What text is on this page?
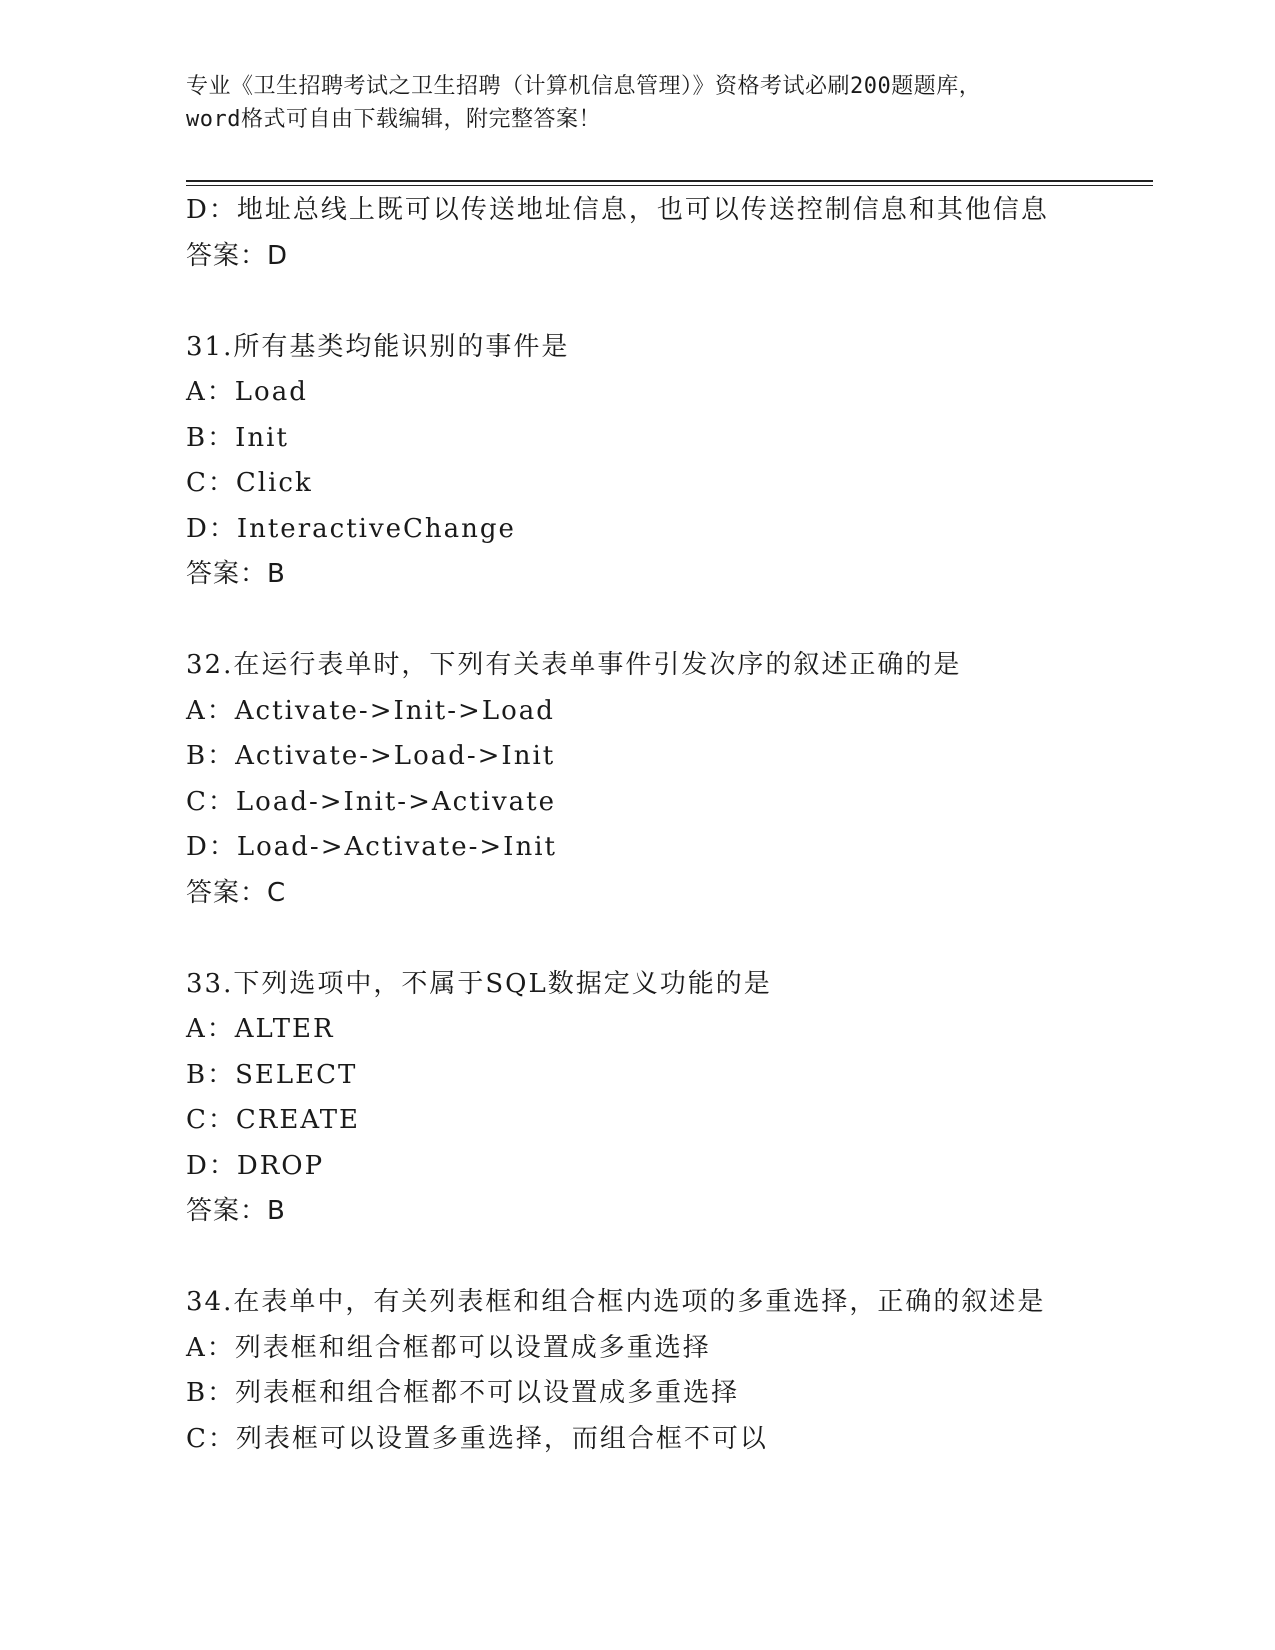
专业《卫生招聘考试之卫生招聘（计算机信息管理）》资格考试必刷200题题库，
word格式可自由下载编辑，附完整答案！
D：地址总线上既可以传送地址信息，也可以传送控制信息和其他信息
答案：D
31.所有基类均能识别的事件是
A：Load
B：Init
C：Click
D：InteractiveChange
答案：B
32.在运行表单时，下列有关表单事件引发次序的叙述正确的是
A：Activate->Init->Load
B：Activate->Load->Init
C：Load->Init->Activate
D：Load->Activate->Init
答案：C
33.下列选项中，不属于SQL数据定义功能的是
A：ALTER
B：SELECT
C：CREATE
D：DROP
答案：B
34.在表单中，有关列表框和组合框内选项的多重选择，正确的叙述是
A：列表框和组合框都可以设置成多重选择
B：列表框和组合框都不可以设置成多重选择
C：列表框可以设置多重选择，而组合框不可以
